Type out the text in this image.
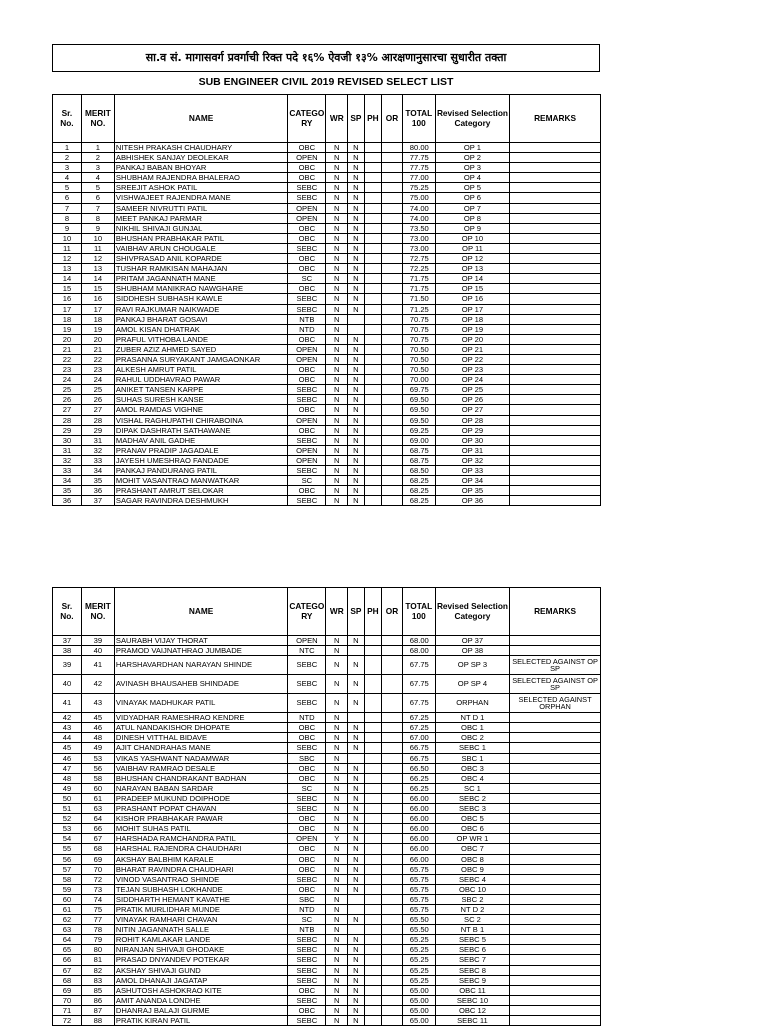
सा.व सं. मागासवर्ग प्रवर्गाची रिक्त पदे १६% ऐवजी १३% आरक्षणानुसारचा सुधारीत तक्ता
SUB ENGINEER CIVIL 2019 REVISED SELECT LIST
Sr. No.	MERIT NO.	NAME	CATEGO RY	WR	SP	PH	OR	TOTAL 100	Revised Selection Category	REMARKS
1	1	NITESH PRAKASH CHAUDHARY	OBC	N	N			80.00	OP 1	
2	2	ABHISHEK SANJAY DEOLEKAR	OPEN	N	N			77.75	OP 2	
3	3	PANKAJ BABAN BHOYAR	OBC	N	N			77.75	OP 3	
4	4	SHUBHAM RAJENDRA BHALERAO	OBC	N	N			77.00	OP 4	
5	5	SREEJIT ASHOK PATIL	SEBC	N	N			75.25	OP 5	
6	6	VISHWAJEET RAJENDRA MANE	SEBC	N	N			75.00	OP 6	
7	7	SAMEER NIVRUTTI PATIL	OPEN	N	N			74.00	OP 7	
8	8	MEET PANKAJ PARMAR	OPEN	N	N			74.00	OP 8	
9	9	NIKHIL SHIVAJI GUNJAL	OBC	N	N			73.50	OP 9	
10	10	BHUSHAN PRABHAKAR PATIL	OBC	N	N			73.00	OP 10	
11	11	VAIBHAV ARUN CHOUGALE	SEBC	N	N			73.00	OP 11	
12	12	SHIVPRASAD ANIL KOPARDE	OBC	N	N			72.75	OP 12	
13	13	TUSHAR RAMKISAN MAHAJAN	OBC	N	N			72.25	OP 13	
14	14	PRITAM JAGANNATH MANE	SC	N	N			71.75	OP 14	
15	15	SHUBHAM MANIKRAO NAWGHARE	OBC	N	N			71.75	OP 15	
16	16	SIDDHESH SUBHASH KAWLE	SEBC	N	N			71.50	OP 16	
17	17	RAVI RAJKUMAR NAIKWADE	SEBC	N	N			71.25	OP 17	
18	18	PANKAJ BHARAT GOSAVI	NTB	N				70.75	OP 18	
19	19	AMOL KISAN DHATRAK	NTD	N				70.75	OP 19	
20	20	PRAFUL VITHOBA LANDE	OBC	N	N			70.75	OP 20	
21	21	ZUBER AZIZ AHMED SAYED	OPEN	N	N			70.50	OP 21	
22	22	PRASANNA SURYAKANT JAMGAONKAR	OPEN	N	N			70.50	OP 22	
23	23	ALKESH AMRUT PATIL	OBC	N	N			70.50	OP 23	
24	24	RAHUL UDDHAVRAO PAWAR	OBC	N	N			70.00	OP 24	
25	25	ANIKET TANSEN KARPE	SEBC	N	N			69.75	OP 25	
26	26	SUHAS SURESH KANSE	SEBC	N	N			69.50	OP 26	
27	27	AMOL RAMDAS VIGHNE	OBC	N	N			69.50	OP 27	
28	28	VISHAL RAGHUPATHI CHIRABOINA	OPEN	N	N			69.50	OP 28	
29	29	DIPAK DASHRATH SATHAWANE	OBC	N	N			69.25	OP 29	
30	31	MADHAV ANIL GADHE	SEBC	N	N			69.00	OP 30	
31	32	PRANAV PRADIP JAGADALE	OPEN	N	N			68.75	OP 31	
32	33	JAYESH UMESHRAO FANDADE	OPEN	N	N			68.75	OP 32	
33	34	PANKAJ PANDURANG PATIL	SEBC	N	N			68.50	OP 33	
34	35	MOHIT VASANTRAO MANWATKAR	SC	N	N			68.25	OP 34	
35	36	PRASHANT AMRUT SELOKAR	OBC	N	N			68.25	OP 35	
36	37	SAGAR RAVINDRA DESHMUKH	SEBC	N	N			68.25	OP 36	
Sr. No.	MERIT NO.	NAME	CATEGO RY	WR	SP	PH	OR	TOTAL 100	Revised Selection Category	REMARKS
37	39	SAURABH VIJAY THORAT	OPEN	N	N			68.00	OP 37	
38	40	PRAMOD VAIJNATHRAO JUMBADE	NTC	N				68.00	OP 38	
39	41	HARSHAVARDHAN NARAYAN SHINDE	SEBC	N	N			67.75	OP SP 3	SELECTED AGAINST OP SP
40	42	AVINASH BHAUSAHEB SHINDADE	SEBC	N	N			67.75	OP SP 4	SELECTED AGAINST OP SP
41	43	VINAYAK MADHUKAR PATIL	SEBC	N	N			67.75	ORPHAN	SELECTED AGAINST ORPHAN
42	45	VIDYADHAR RAMESHRAO KENDRE	NTD	N				67.25	NT D 1	
43	46	ATUL NANDAKISHOR DHOPATE	OBC	N	N			67.25	OBC 1	
44	48	DINESH VITTHAL BIDAVE	OBC	N	N			67.00	OBC 2	
45	49	AJIT CHANDRAHAS MANE	SEBC	N	N			66.75	SEBC 1	
46	53	VIKAS YASHWANT NADAMWAR	SBC	N				66.75	SBC 1	
47	56	VAIBHAV RAMRAO DESALE	OBC	N	N			66.50	OBC 3	
48	58	BHUSHAN CHANDRAKANT BADHAN	OBC	N	N			66.25	OBC 4	
49	60	NARAYAN BABAN SARDAR	SC	N	N			66.25	SC 1	
50	61	PRADEEP MUKUND DOIPHODE	SEBC	N	N			66.00	SEBC 2	
51	63	PRASHANT POPAT CHAVAN	SEBC	N	N			66.00	SEBC 3	
52	64	KISHOR PRABHAKAR PAWAR	OBC	N	N			66.00	OBC 5	
53	66	MOHIT SUHAS PATIL	OBC	N	N			66.00	OBC 6	
54	67	HARSHADA RAMCHANDRA PATIL	OPEN	Y	N			66.00	OP WR 1	
55	68	HARSHAL RAJENDRA CHAUDHARI	OBC	N	N			66.00	OBC 7	
56	69	AKSHAY BALBHIM KARALE	OBC	N	N			66.00	OBC 8	
57	70	BHARAT RAVINDRA CHAUDHARI	OBC	N	N			65.75	OBC 9	
58	72	VINOD VASANTRAO SHINDE	SEBC	N	N			65.75	SEBC 4	
59	73	TEJAN SUBHASH LOKHANDE	OBC	N	N			65.75	OBC 10	
60	74	SIDDHARTH HEMANT KAVATHE	SBC	N				65.75	SBC 2	
61	75	PRATIK MURLIDHAR MUNDE	NTD	N				65.75	NT D 2	
62	77	VINAYAK RAMHARI CHAVAN	SC	N	N			65.50	SC 2	
63	78	NITIN JAGANNATH SALLE	NTB	N				65.50	NT B 1	
64	79	ROHIT KAMLAKAR LANDE	SEBC	N	N			65.25	SEBC 5	
65	80	NIRANJAN SHIVAJI GHODAKE	SEBC	N	N			65.25	SEBC 6	
66	81	PRASAD DNYANDEV POTEKAR	SEBC	N	N			65.25	SEBC 7	
67	82	AKSHAY SHIVAJI GUND	SEBC	N	N			65.25	SEBC 8	
68	83	AMOL DHANAJI JAGATAP	SEBC	N	N			65.25	SEBC 9	
69	85	ASHUTOSH ASHOKRAO KITE	OBC	N	N			65.00	OBC 11	
70	86	AMIT ANANDA LONDHE	SEBC	N	N			65.00	SEBC 10	
71	87	DHANRAJ BALAJI GURME	OBC	N	N			65.00	OBC 12	
72	88	PRATIK KIRAN PATIL	SEBC	N	N			65.00	SEBC 11	
